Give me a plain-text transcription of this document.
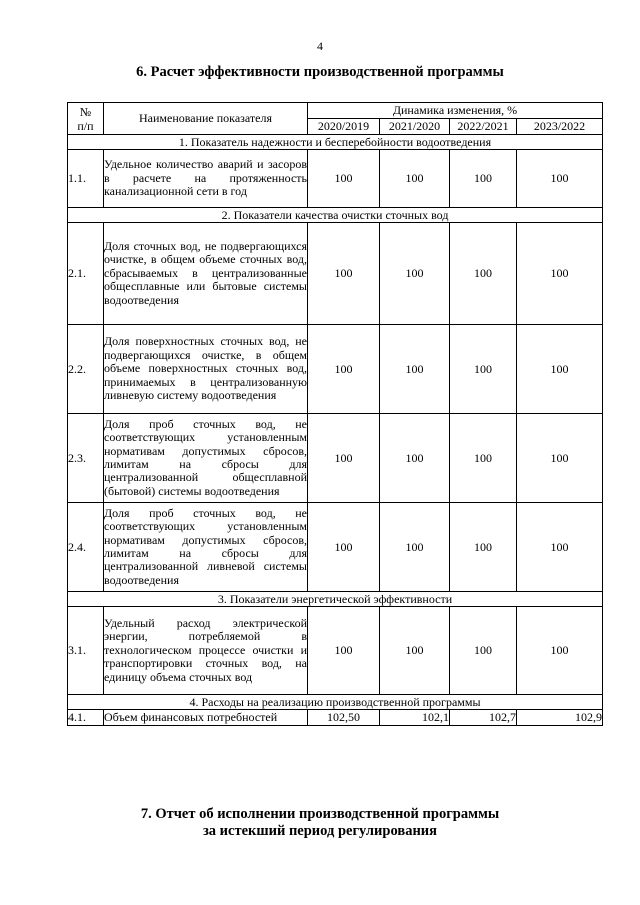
4
6. Расчет эффективности производственной программы
№
п/п	Наименование показателя	Динамика изменения, %			
		2020/2019	2021/2020	2022/2021	2023/2022
1. Показатель надежности и бесперебойности водоотведения					
1.1.	Удельное количество аварий и засоров в расчете на протяженность канализационной сети в год	100	100	100	100
2. Показатели качества очистки сточных вод					
2.1.	Доля сточных вод, не подвергающихся очистке, в общем объеме сточных вод, сбрасываемых в централизованные общесплавные или бытовые системы водоотведения	100	100	100	100
2.2.	Доля поверхностных сточных вод, не подвергающихся очистке, в общем объеме поверхностных сточных вод, принимаемых в централизованную ливневую систему водоотведения	100	100	100	100
2.3.	Доля проб сточных вод, не соответствующих установленным нормативам допустимых сбросов, лимитам на сбросы для централизованной общесплавной (бытовой) системы водоотведения	100	100	100	100
2.4.	Доля проб сточных вод, не соответствующих установленным нормативам допустимых сбросов, лимитам на сбросы для централизованной ливневой системы водоотведения	100	100	100	100
3. Показатели энергетической эффективности					
3.1.	Удельный расход электрической энергии, потребляемой в технологическом процессе очистки и транспортировки сточных вод, на единицу объема сточных вод	100	100	100	100
4. Расходы на реализацию производственной программы					
4.1.	Объем финансовых потребностей	102,50	102,1	102,7	102,9
7. Отчет об исполнении производственной программы
за истекший период регулирования
